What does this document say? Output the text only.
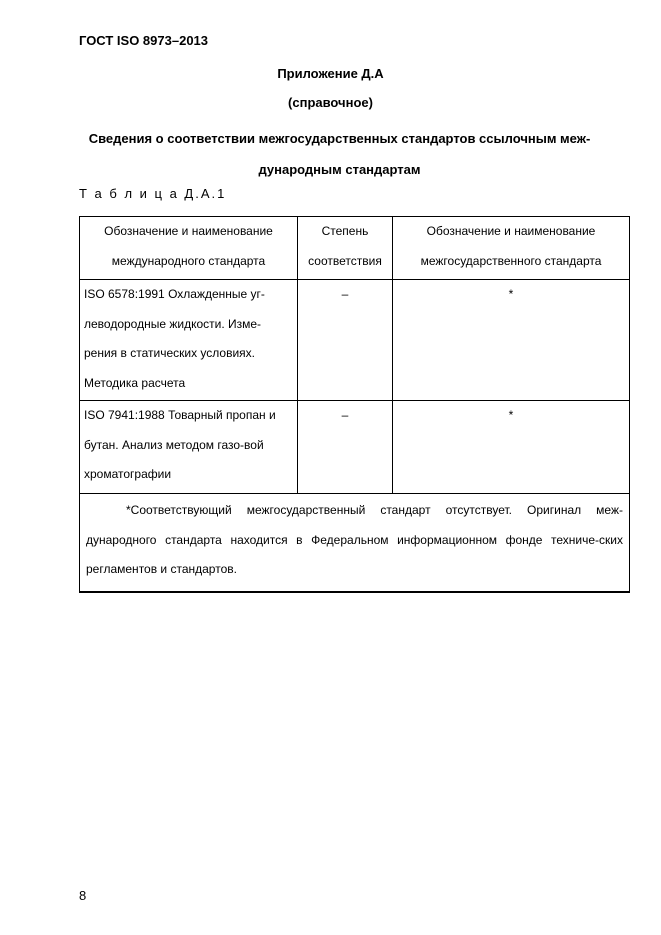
ГОСТ ISO 8973–2013
Приложение Д.А
(справочное)
Сведения о соответствии межгосударственных стандартов ссылочным меж-дународным стандартам
Т а б л и ц а Д.А.1
Обозначение и наименование международного стандарта	Степень соответствия	Обозначение и наименование межгосударственного стандарта
ISO 6578:1991 Охлажденные уг-леводородные жидкости. Изме-рения в статических условиях. Методика расчета	–	*
ISO 7941:1988 Товарный пропан и бутан. Анализ методом газо-вой хроматографии	–	*
*Соответствующий межгосударственный стандарт отсутствует. Оригинал меж-дународного стандарта находится в Федеральном информационном фонде техниче-ских регламентов и стандартов.		
8
